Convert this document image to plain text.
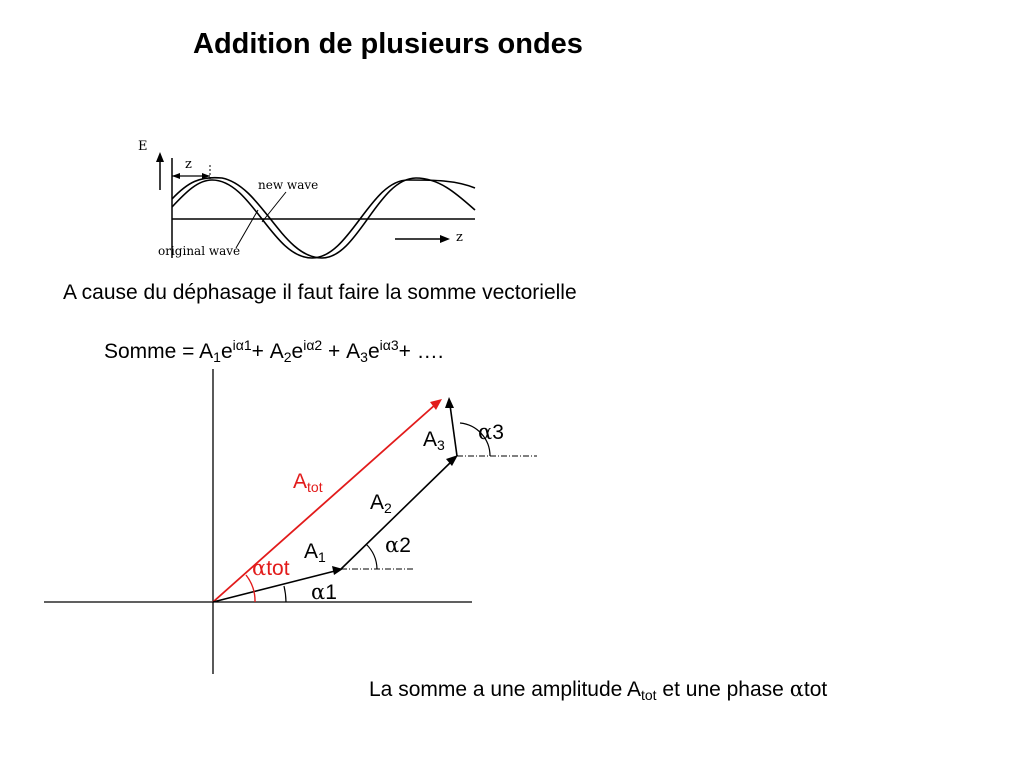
Addition de plusieurs ondes
E
z
z
new wave
original wave
A cause du déphasage il faut faire la somme vectorielle
Somme = $A_1e^{i\alpha 1}+ A_2e^{i\alpha 2} + A_3e^{i\alpha 3}+$ ….
$A_{tot}$
$A_1$
$A_2$
$A_3$
α1
αtot
α2
α3
La somme a une amplitude $A_{tot}$ et une phase αtot
